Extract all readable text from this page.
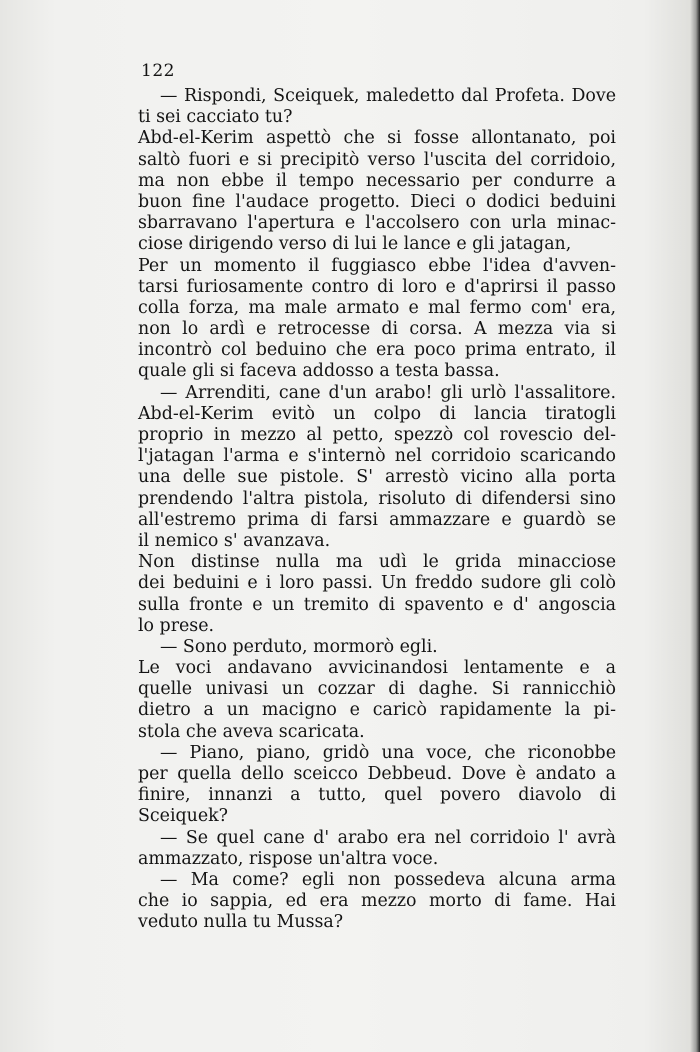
122
— Rispondi, Sceiquek, maledetto dal Profeta. Dove
ti sei cacciato tu?
Abd-el-Kerim aspettò che si fosse allontanato, poi
saltò fuori e si precipitò verso l'uscita del corridoio,
ma non ebbe il tempo necessario per condurre a
buon fine l'audace progetto. Dieci o dodici beduini
sbarravano l'apertura e l'accolsero con urla minac-
ciose dirigendo verso di lui le lance e gli jatagan,
Per un momento il fuggiasco ebbe l'idea d'avven-
tarsi furiosamente contro di loro e d'aprirsi il passo
colla forza, ma male armato e mal fermo com' era,
non lo ardì e retrocesse di corsa. A mezza via si
incontrò col beduino che era poco prima entrato, il
quale gli si faceva addosso a testa bassa.
— Arrenditi, cane d'un arabo! gli urlò l'assalitore.
Abd-el-Kerim evitò un colpo di lancia tiratogli
proprio in mezzo al petto, spezzò col rovescio del-
l'jatagan l'arma e s'internò nel corridoio scaricando
una delle sue pistole. S' arrestò vicino alla porta
prendendo l'altra pistola, risoluto di difendersi sino
all'estremo prima di farsi ammazzare e guardò se
il nemico s' avanzava.
Non distinse nulla ma udì le grida minacciose
dei beduini e i loro passi. Un freddo sudore gli colò
sulla fronte e un tremito di spavento e d' angoscia
lo prese.
— Sono perduto, mormorò egli.
Le voci andavano avvicinandosi lentamente e a
quelle univasi un cozzar di daghe. Si rannicchiò
dietro a un macigno e caricò rapidamente la pi-
stola che aveva scaricata.
— Piano, piano, gridò una voce, che riconobbe
per quella dello sceicco Debbeud. Dove è andato a
finire, innanzi a tutto, quel povero diavolo di
Sceiquek?
— Se quel cane d' arabo era nel corridoio l' avrà
ammazzato, rispose un'altra voce.
— Ma come? egli non possedeva alcuna arma
che io sappia, ed era mezzo morto di fame. Hai
veduto nulla tu Mussa?
